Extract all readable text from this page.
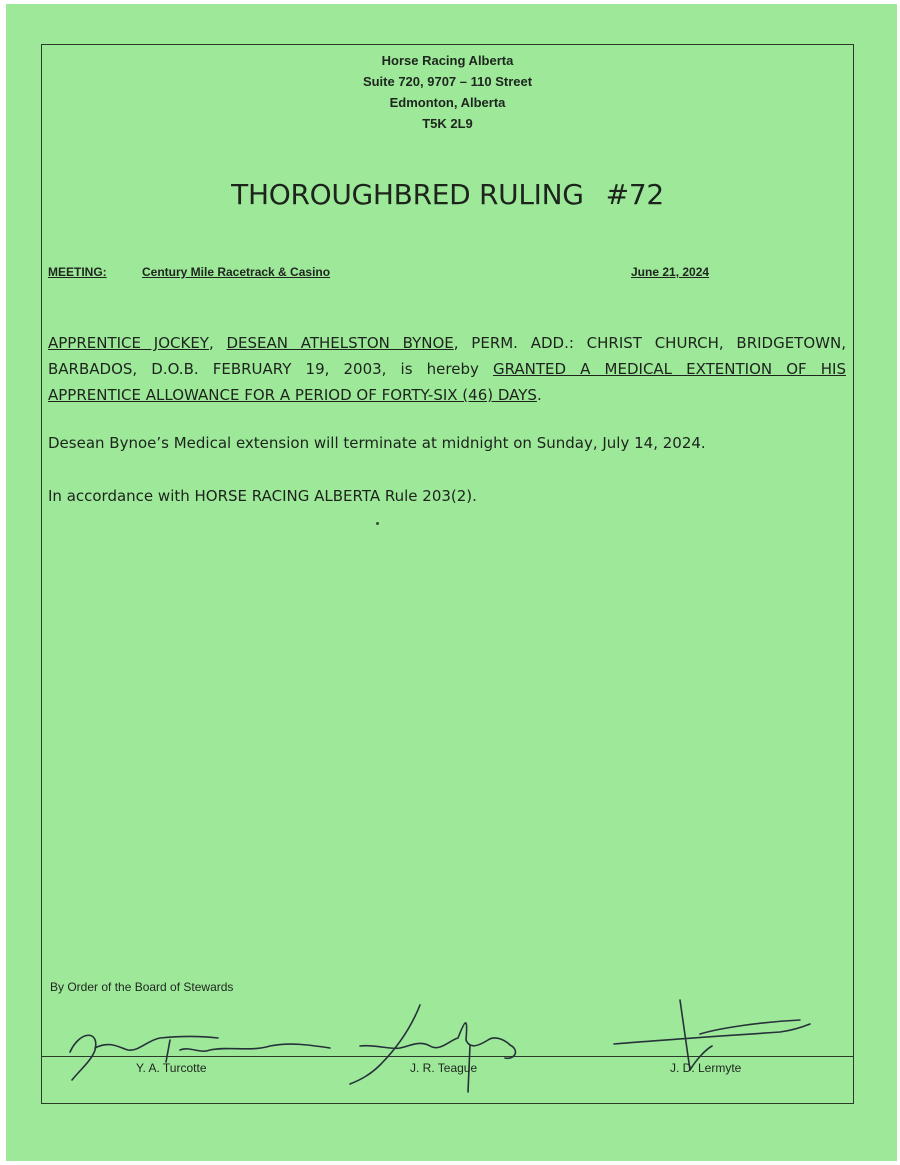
Horse Racing Alberta
Suite 720, 9707 – 110 Street
Edmonton, Alberta
T5K 2L9
THOROUGHBRED RULING #72
MEETING:	Century Mile Racetrack & Casino	June 21, 2024
APPRENTICE JOCKEY, DESEAN ATHELSTON BYNOE, PERM. ADD.: CHRIST CHURCH, BRIDGETOWN,
BARBADOS, D.O.B. FEBRUARY 19, 2003, is hereby GRANTED A MEDICAL EXTENTION OF HIS
APPRENTICE ALLOWANCE FOR A PERIOD OF FORTY-SIX (46) DAYS.
Desean Bynoe’s Medical extension will terminate at midnight on Sunday, July 14, 2024.
In accordance with HORSE RACING ALBERTA Rule 203(2).
By Order of the Board of Stewards
Y. A. Turcotte	J. R. Teague	J. D. Lermyte
